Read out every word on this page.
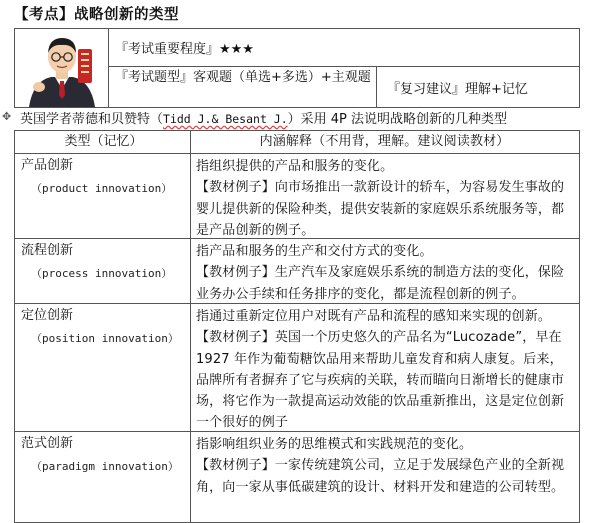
【考点】战略创新的类型
『考试重要程度』★★★
『考试题型』客观题（单选+多选）+主观题
『复习建议』理解+记忆
✥ 英国学者蒂德和贝赞特（Tidd J.& Besant J.）采用 4P 法说明战略创新的几种类型
类型（记忆）	内涵解释（不用背，理解。建议阅读教材）
产品创新
（product innovation）
指组织提供的产品和服务的变化。
【教材例子】向市场推出一款新设计的轿车，为容易发生事故的婴儿提供新的保险种类，提供安装新的家庭娱乐系统服务等，都是产品创新的例子。
流程创新
（process innovation）
指产品和服务的生产和交付方式的变化。
【教材例子】生产汽车及家庭娱乐系统的制造方法的变化，保险业务办公手续和任务排序的变化，都是流程创新的例子。
定位创新
（position innovation）
指通过重新定位用户对既有产品和流程的感知来实现的创新。
【教材例子】英国一个历史悠久的产品名为“Lucozade”，早在 1927 年作为葡萄糖饮品用来帮助儿童发育和病人康复。后来，品牌所有者摒弃了它与疾病的关联，转而瞄向日渐增长的健康市场，将它作为一款提高运动效能的饮品重新推出，这是定位创新一个很好的例子
范式创新
（paradigm innovation）
指影响组织业务的思维模式和实践规范的变化。
【教材例子】一家传统建筑公司，立足于发展绿色产业的全新视角，向一家从事低碳建筑的设计、材料开发和建造的公司转型。
